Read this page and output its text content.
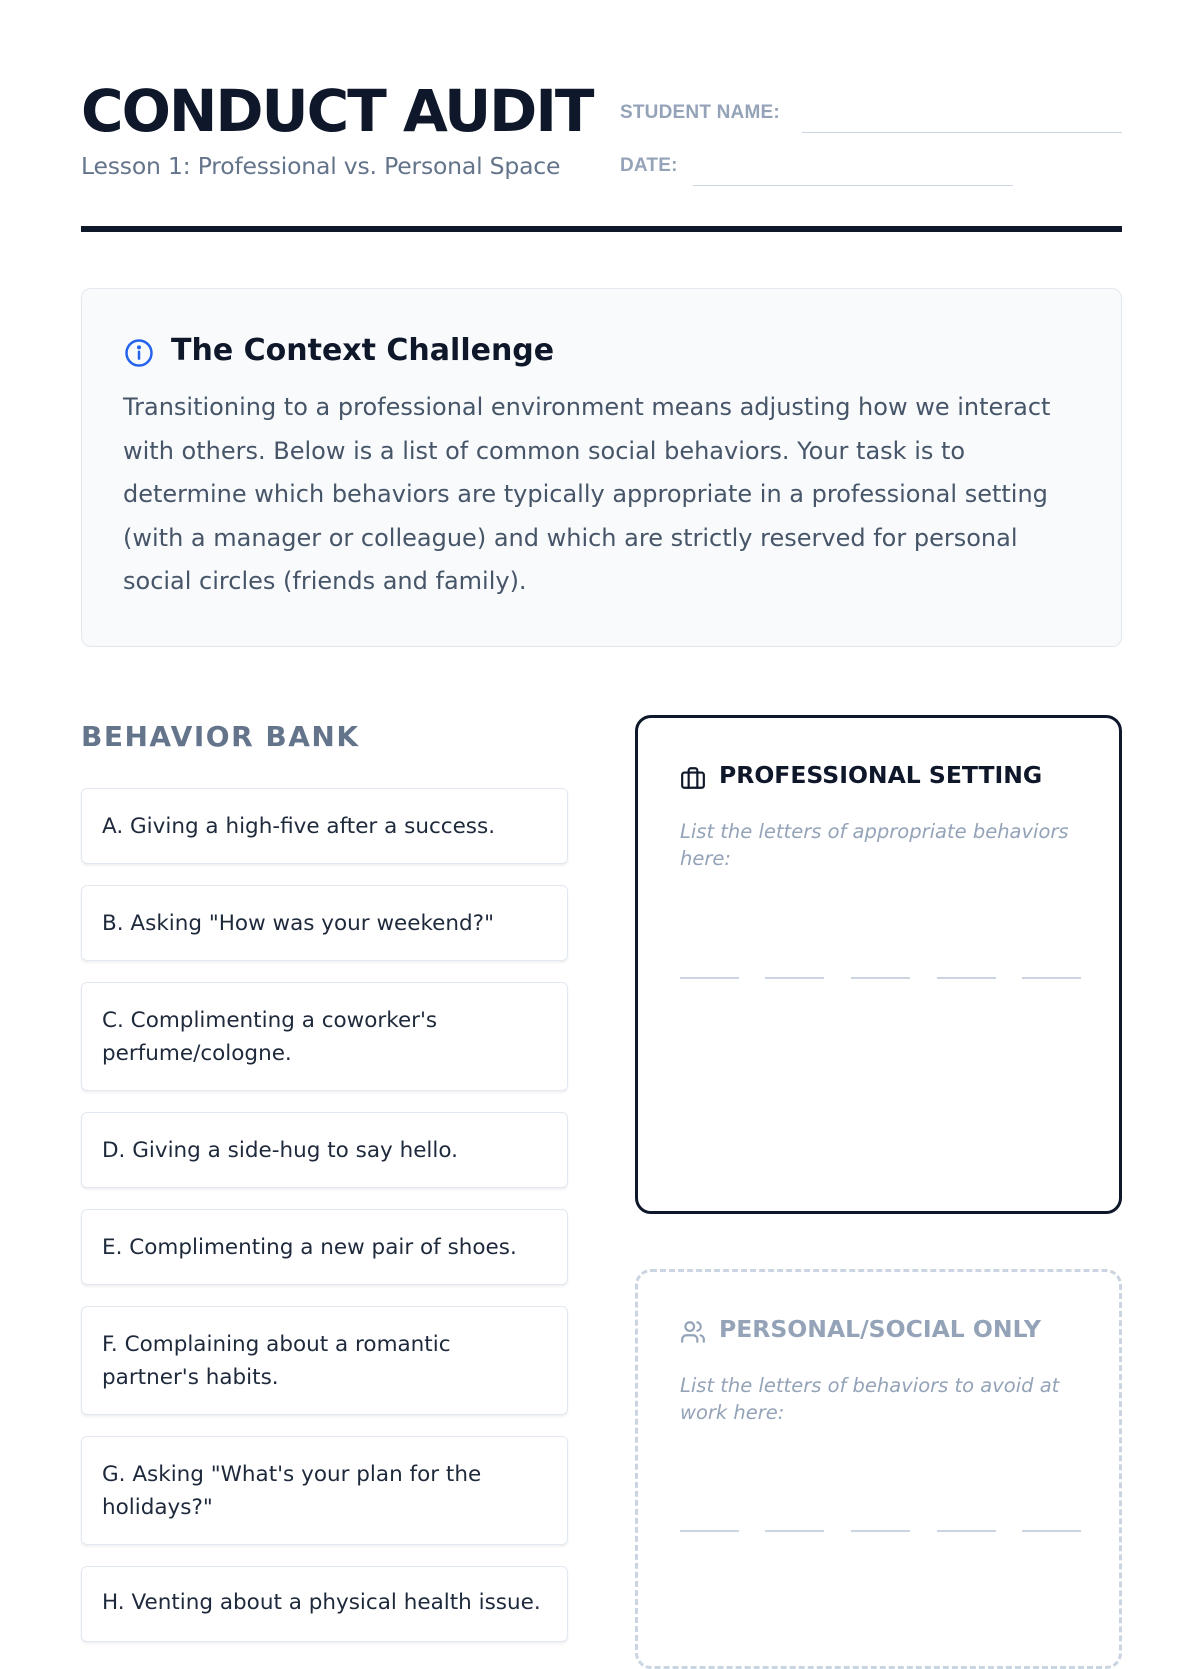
CONDUCT AUDIT
Lesson 1: Professional vs. Personal Space
STUDENT NAME:
DATE:
The Context Challenge
Transitioning to a professional environment means adjusting how we interact with others. Below is a list of common social behaviors. Your task is to determine which behaviors are typically appropriate in a professional setting (with a manager or colleague) and which are strictly reserved for personal social circles (friends and family).
BEHAVIOR BANK
A. Giving a high-five after a success.
B. Asking "How was your weekend?"
C. Complimenting a coworker's perfume/cologne.
D. Giving a side-hug to say hello.
E. Complimenting a new pair of shoes.
F. Complaining about a romantic partner's habits.
G. Asking "What's your plan for the holidays?"
H. Venting about a physical health issue.
PROFESSIONAL SETTING
List the letters of appropriate behaviors here:
PERSONAL/SOCIAL ONLY
List the letters of behaviors to avoid at work here:
